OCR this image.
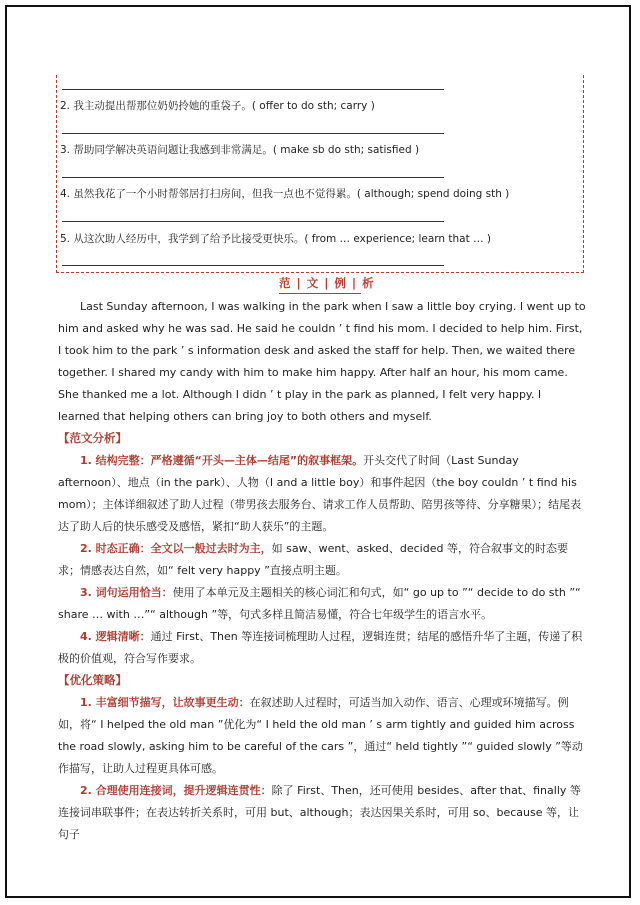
2. 我主动提出帮那位奶奶拎她的重袋子。( offer to do sth; carry )
3. 帮助同学解决英语问题让我感到非常满足。( make sb do sth; satisfied )
4. 虽然我花了一个小时帮邻居打扫房间，但我一点也不觉得累。( although; spend doing sth )
5. 从这次助人经历中，我学到了给予比接受更快乐。( from … experience; learn that … )
范 | 文 | 例 | 析

Last Sunday afternoon, I was walking in the park when I saw a little boy crying. I went up to him and asked why he was sad. He said he couldn ’ t find his mom. I decided to help him. First, I took him to the park ’ s information desk and asked the staff for help. Then, we waited there together. I shared my candy with him to make him happy. After half an hour, his mom came. She thanked me a lot. Although I didn ’ t play in the park as planned, I felt very happy. I learned that helping others can bring joy to both others and myself.

【范文分析】

1. 结构完整：严格遵循“开头—主体—结尾”的叙事框架。开头交代了时间（Last Sunday afternoon）、地点（in the park）、人物（I and a little boy）和事件起因（the boy couldn ’ t find his mom）；主体详细叙述了助人过程（带男孩去服务台、请求工作人员帮助、陪男孩等待、分享糖果）；结尾表达了助人后的快乐感受及感悟，紧扣“助人获乐”的主题。

2. 时态正确：全文以一般过去时为主，如 saw、went、asked、decided 等，符合叙事文的时态要求；情感表达自然，如“ felt very happy ”直接点明主题。

3. 词句运用恰当：使用了本单元及主题相关的核心词汇和句式，如“ go up to ”“ decide to do sth ”“ share … with …”“ although ”等，句式多样且简洁易懂，符合七年级学生的语言水平。

4. 逻辑清晰：通过 First、Then 等连接词梳理助人过程，逻辑连贯；结尾的感悟升华了主题，传递了积极的价值观，符合写作要求。

【优化策略】

1. 丰富细节描写，让故事更生动：在叙述助人过程时，可适当加入动作、语言、心理或环境描写。例如，将“ I helped the old man ”优化为“ I held the old man ’ s arm tightly and guided him across the road slowly, asking him to be careful of the cars ”，通过“ held tightly ”“ guided slowly ”等动作描写，让助人过程更具体可感。

2. 合理使用连接词，提升逻辑连贯性：除了 First、Then，还可使用 besides、after that、finally 等连接词串联事件；在表达转折关系时，可用 but、although；表达因果关系时，可用 so、because 等，让句子
